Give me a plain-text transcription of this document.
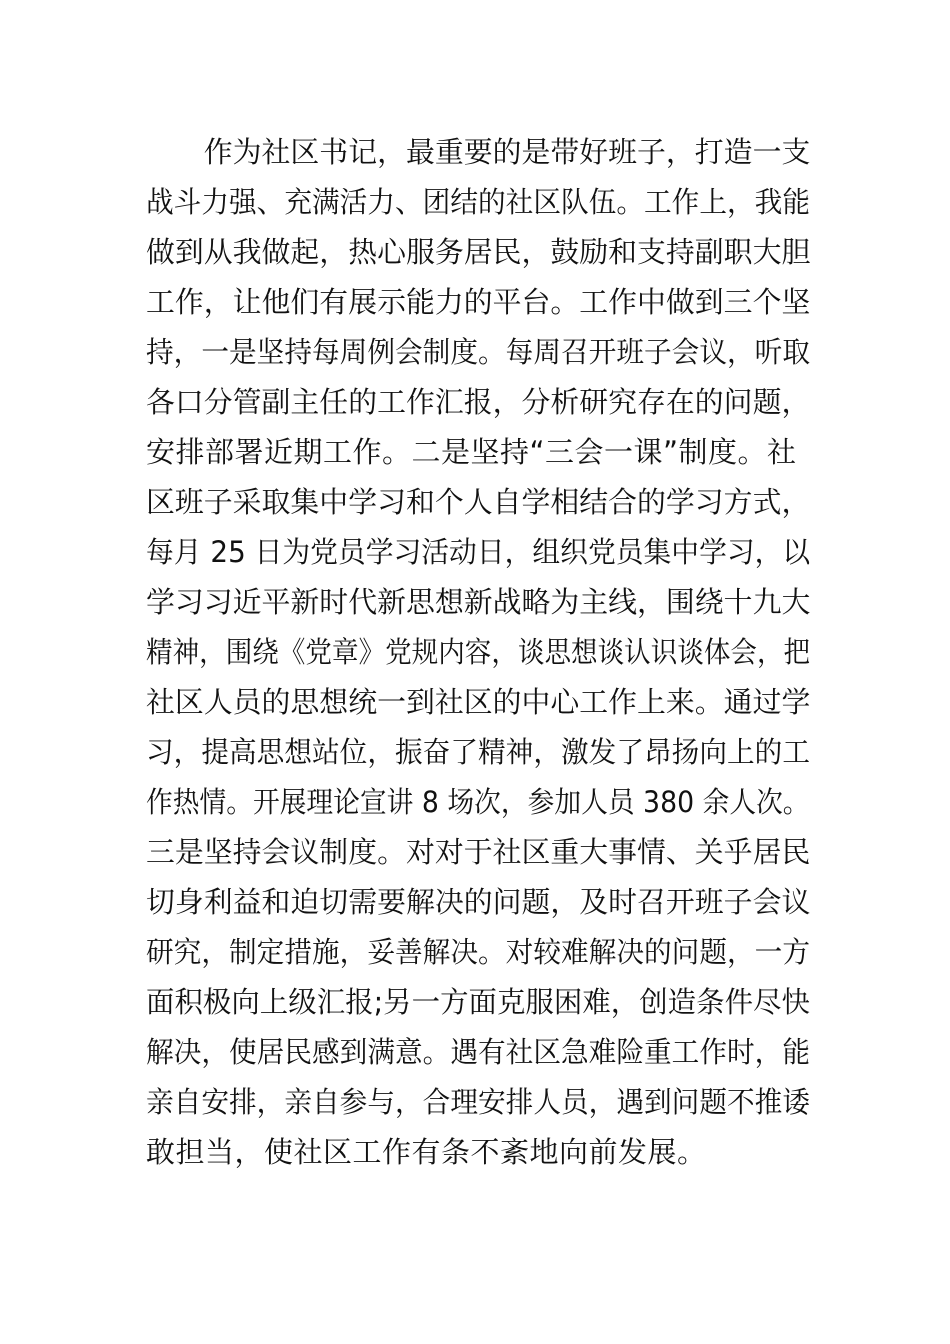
作为社区书记，最重要的是带好班子，打造一支
战斗力强、充满活力、团结的社区队伍。工作上，我能
做到从我做起，热心服务居民，鼓励和支持副职大胆
工作，让他们有展示能力的平台。工作中做到三个坚
持，一是坚持每周例会制度。每周召开班子会议，听取
各口分管副主任的工作汇报，分析研究存在的问题，
安排部署近期工作。二是坚持“三会一课”制度。社
区班子采取集中学习和个人自学相结合的学习方式，
每月 25 日为党员学习活动日，组织党员集中学习，以
学习习近平新时代新思想新战略为主线，围绕十九大
精神，围绕《党章》党规内容，谈思想谈认识谈体会，把
社区人员的思想统一到社区的中心工作上来。通过学
习，提高思想站位，振奋了精神，激发了昂扬向上的工
作热情。开展理论宣讲 8 场次，参加人员 380 余人次。
三是坚持会议制度。对对于社区重大事情、关乎居民
切身利益和迫切需要解决的问题，及时召开班子会议
研究，制定措施，妥善解决。对较难解决的问题，一方
面积极向上级汇报;另一方面克服困难，创造条件尽快
解决，使居民感到满意。遇有社区急难险重工作时，能
亲自安排，亲自参与，合理安排人员，遇到问题不推诿
敢担当，使社区工作有条不紊地向前发展。
